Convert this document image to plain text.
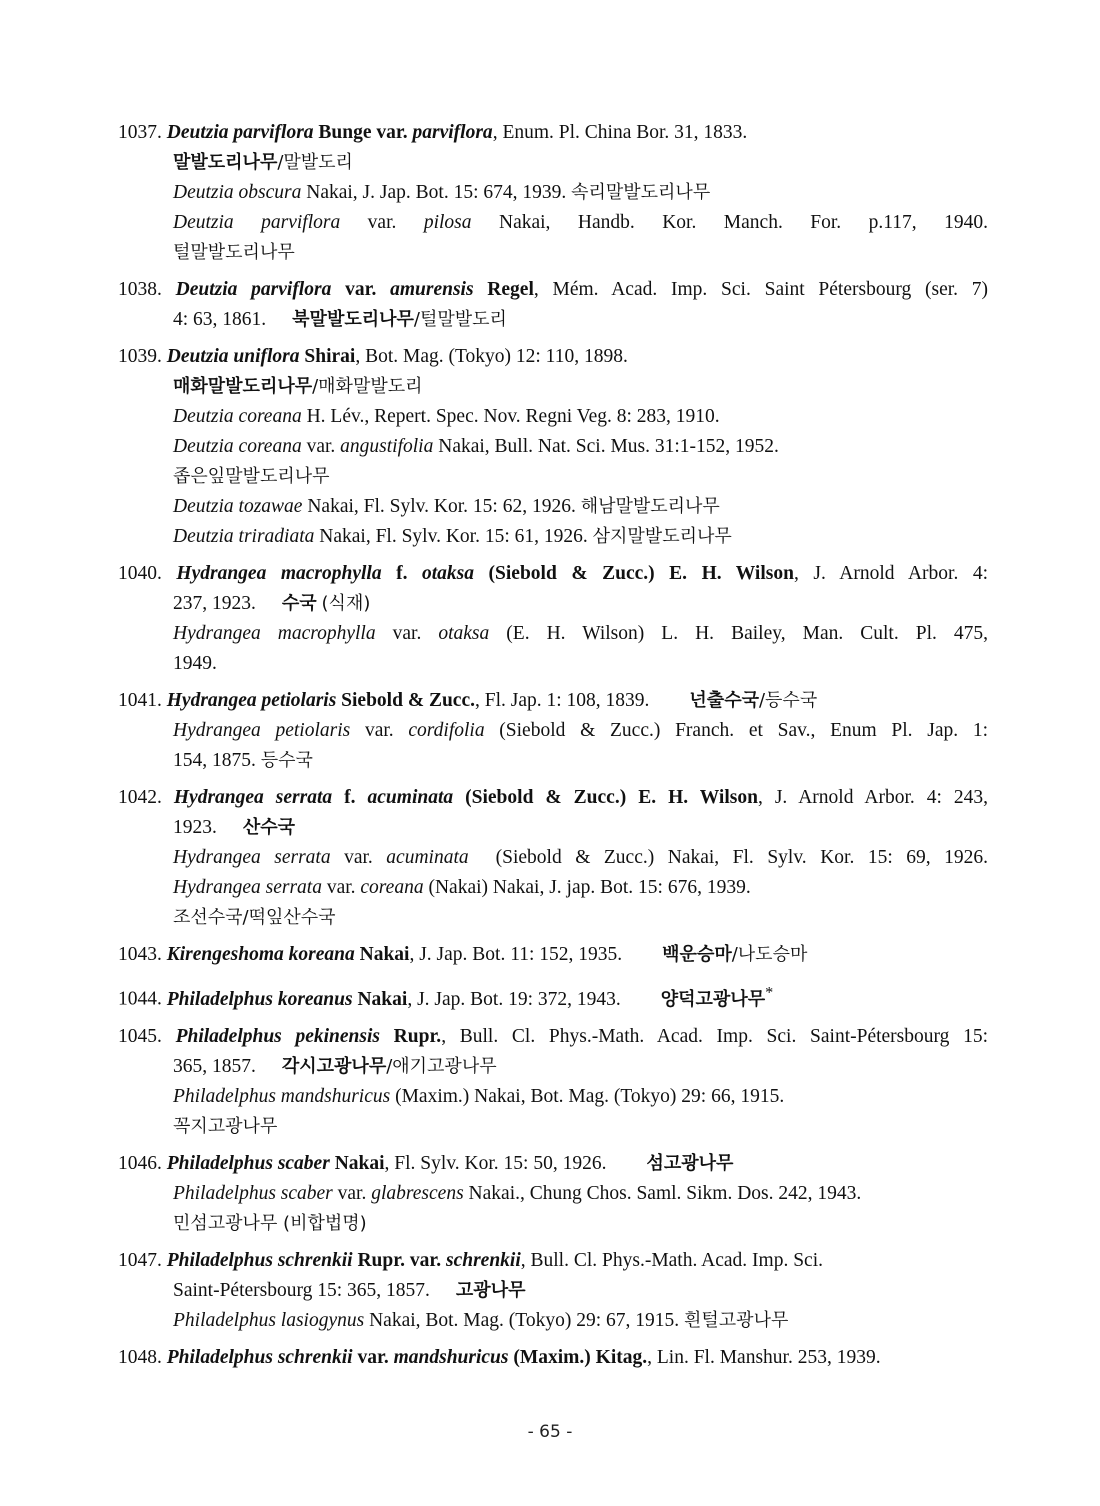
1037. Deutzia parviflora Bunge var. parviflora, Enum. Pl. China Bor. 31, 1833.
말발도리나무/말발도리
Deutzia obscura Nakai, J. Jap. Bot. 15: 674, 1939. 속리말발도리나무
Deutzia parviflora var. pilosa Nakai, Handb. Kor. Manch. For. p.117, 1940.
털말발도리나무
1038. Deutzia parviflora var. amurensis Regel, Mém. Acad. Imp. Sci. Saint Pétersbourg (ser. 7)
4: 63, 1861. 북말발도리나무/털말발도리
1039. Deutzia uniflora Shirai, Bot. Mag. (Tokyo) 12: 110, 1898.
매화말발도리나무/매화말발도리
Deutzia coreana H. Lév., Repert. Spec. Nov. Regni Veg. 8: 283, 1910.
Deutzia coreana var. angustifolia Nakai, Bull. Nat. Sci. Mus. 31:1-152, 1952.
좁은잎말발도리나무
Deutzia tozawae Nakai, Fl. Sylv. Kor. 15: 62, 1926. 해남말발도리나무
Deutzia triradiata Nakai, Fl. Sylv. Kor. 15: 61, 1926. 삼지말발도리나무
1040. Hydrangea macrophylla f. otaksa (Siebold & Zucc.) E. H. Wilson, J. Arnold Arbor. 4:
237, 1923. 수국 (식재)
Hydrangea macrophylla var. otaksa (E. H. Wilson) L. H. Bailey, Man. Cult. Pl. 475,
1949.
1041. Hydrangea petiolaris Siebold & Zucc., Fl. Jap. 1: 108, 1839. 넌출수국/등수국
Hydrangea petiolaris var. cordifolia (Siebold & Zucc.) Franch. et Sav., Enum Pl. Jap. 1:
154, 1875. 등수국
1042. Hydrangea serrata f. acuminata (Siebold & Zucc.) E. H. Wilson, J. Arnold Arbor. 4: 243,
1923. 산수국
Hydrangea serrata var. acuminata  (Siebold & Zucc.) Nakai, Fl. Sylv. Kor. 15: 69, 1926.
Hydrangea serrata var. coreana (Nakai) Nakai, J. jap. Bot. 15: 676, 1939.
조선수국/떡잎산수국
1043. Kirengeshoma koreana Nakai, J. Jap. Bot. 11: 152, 1935. 백운승마/나도승마
1044. Philadelphus koreanus Nakai, J. Jap. Bot. 19: 372, 1943. 양덕고광나무*
1045. Philadelphus pekinensis Rupr., Bull. Cl. Phys.-Math. Acad. Imp. Sci. Saint-Pétersbourg 15:
365, 1857. 각시고광나무/애기고광나무
Philadelphus mandshuricus (Maxim.) Nakai, Bot. Mag. (Tokyo) 29: 66, 1915.
꼭지고광나무
1046. Philadelphus scaber Nakai, Fl. Sylv. Kor. 15: 50, 1926. 섬고광나무
Philadelphus scaber var. glabrescens Nakai., Chung Chos. Saml. Sikm. Dos. 242, 1943.
민섬고광나무 (비합법명)
1047. Philadelphus schrenkii Rupr. var. schrenkii, Bull. Cl. Phys.-Math. Acad. Imp. Sci.
Saint-Pétersbourg 15: 365, 1857. 고광나무
Philadelphus lasiogynus Nakai, Bot. Mag. (Tokyo) 29: 67, 1915. 흰털고광나무
1048. Philadelphus schrenkii var. mandshuricus (Maxim.) Kitag., Lin. Fl. Manshur. 253, 1939.
- 65 -
